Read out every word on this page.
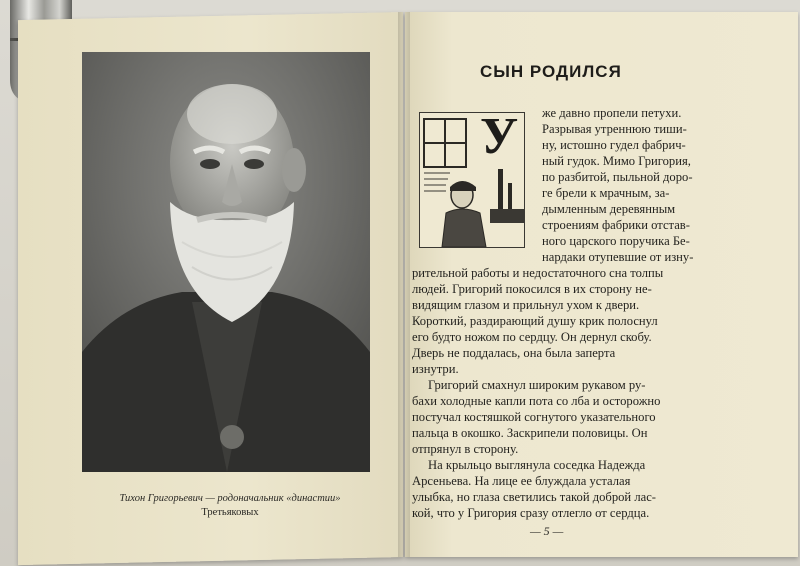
Тихон Григорьевич — родоначальник «династии»
Третьяковых
СЫН РОДИЛСЯ
У же давно пропели петухи.
Разрывая утреннюю тиши-
ну, истошно гудел фабрич-
ный гудок. Мимо Григория,
по разбитой, пыльной доро-
ге брели к мрачным, за-
дымленным деревянным
строениям фабрики отстав-
ного царского поручика Бе-
нардаки отупевшие от изну-
рительной работы и недостаточного сна толпы
людей. Григорий покосился в их сторону не-
видящим глазом и прильнул ухом к двери.
Короткий, раздирающий душу крик полоснул
его будто ножом по сердцу. Он дернул скобу.
Дверь не поддалась, она была заперта
изнутри.
Григорий смахнул широким рукавом ру-
бахи холодные капли пота со лба и осторожно
постучал костяшкой согнутого указательного
пальца в окошко. Заскрипели половицы. Он
отпрянул в сторону.
На крыльцо выглянула соседка Надежда
Арсеньева. На лице ее блуждала усталая
улыбка, но глаза светились такой доброй лас-
кой, что у Григория сразу отлегло от сердца.
— 5 —
